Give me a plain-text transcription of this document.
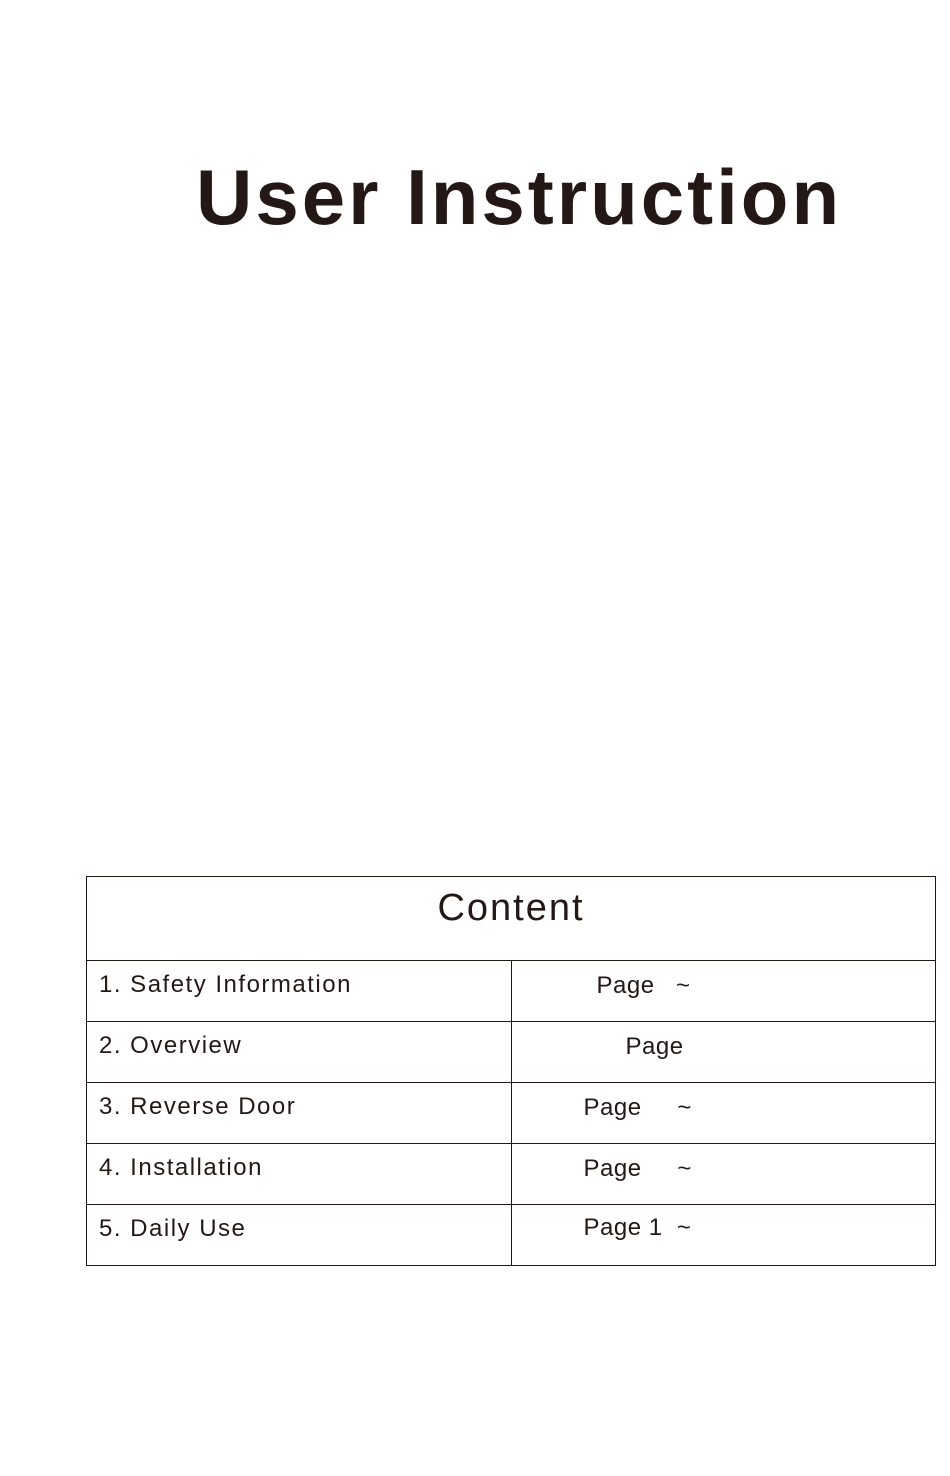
User Instruction
Content	
1. Safety Information	Page   ~

2. Overview	Page

3. Reverse Door	Page     ~

4. Installation	Page     ~

5. Daily Use	Page 1  ~
